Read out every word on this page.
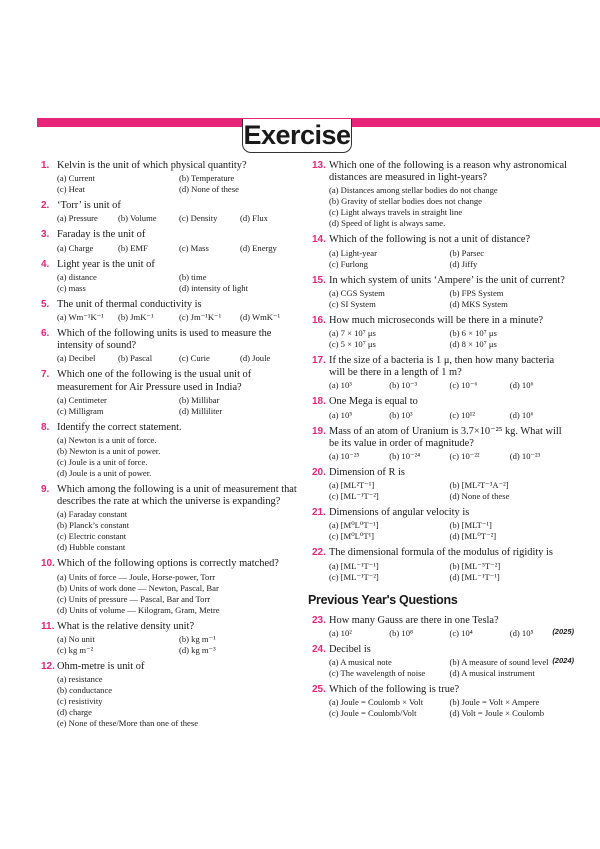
Exercise
1. Kelvin is the unit of which physical quantity?
(a) Current	(b) Temperature
(c) Heat	(d) None of these
2. ‘Torr’ is unit of
(a) Pressure	(b) Volume	(c) Density	(d) Flux
3. Faraday is the unit of
(a) Charge	(b) EMF	(c) Mass	(d) Energy
4. Light year is the unit of
(a) distance	(b) time
(c) mass	(d) intensity of light
5. The unit of thermal conductivity is
(a) Wm⁻¹K⁻¹	(b) JmK⁻¹	(c) Jm⁻¹K⁻¹	(d) WmK⁻¹
6. Which of the following units is used to measure the intensity of sound?
(a) Decibel	(b) Pascal	(c) Curie	(d) Joule
7. Which one of the following is the usual unit of measurement for Air Pressure used in India?
(a) Centimeter	(b) Millibar
(c) Milligram	(d) Milliliter
8. Identify the correct statement.
(a) Newton is a unit of force.
(b) Newton is a unit of power.
(c) Joule is a unit of force.
(d) Joule is a unit of power.
9. Which among the following is a unit of measurement that describes the rate at which the universe is expanding?
(a) Faraday constant
(b) Planck’s constant
(c) Electric constant
(d) Hubble constant
10. Which of the following options is correctly matched?
(a) Units of force — Joule, Horse-power, Torr
(b) Units of work done — Newton, Pascal, Bar
(c) Units of pressure — Pascal, Bar and Torr
(d) Units of volume — Kilogram, Gram, Metre
11. What is the relative density unit?
(a) No unit	(b) kg m⁻¹
(c) kg m⁻²	(d) kg m⁻³
12. Ohm-metre is unit of
(a) resistance
(b) conductance
(c) resistivity
(d) charge
(e) None of these/More than one of these
13. Which one of the following is a reason why astronomical distances are measured in light-years?
(a) Distances among stellar bodies do not change
(b) Gravity of stellar bodies does not change
(c) Light always travels in straight line
(d) Speed of light is always same.
14. Which of the following is not a unit of distance?
(a) Light-year	(b) Parsec
(c) Furlong	(d) Jiffy
15. In which system of units ‘Ampere’ is the unit of current?
(a) CGS System	(b) FPS System
(c) SI System	(d) MKS System
16. How much microseconds will be there in a minute?
(a) 7 × 10⁷ μs	(b) 6 × 10⁷ μs
(c) 5 × 10⁷ μs	(d) 8 × 10⁷ μs
17. If the size of a bacteria is 1 μ, then how many bacteria will be there in a length of 1 m?
(a) 10³	(b) 10⁻³	(c) 10⁻⁶	(d) 10⁶
18. One Mega is equal to
(a) 10⁵	(b) 10³	(c) 10¹²	(d) 10⁶
19. Mass of an atom of Uranium is 3.7×10⁻²⁵ kg. What will be its value in order of magnitude?
(a) 10⁻²⁵	(b) 10⁻²⁴	(c) 10⁻²²	(d) 10⁻²³
20. Dimension of R is
(a) [ML²T⁻¹]	(b) [ML²T⁻³A⁻²]
(c) [ML⁻¹T⁻²]	(d) None of these
21. Dimensions of angular velocity is
(a) [M⁰L⁰T⁻¹]	(b) [MLT⁻¹]
(c) [M⁰L⁰T¹]	(d) [ML⁰T⁻²]
22. The dimensional formula of the modulus of rigidity is
(a) [ML⁻¹T⁻¹]	(b) [ML⁻⁵T⁻²]
(c) [ML⁻¹T⁻²]	(d) [ML⁻¹T⁻¹]
Previous Year's Questions
23. How many Gauss are there in one Tesla?
(a) 10²	(b) 10⁸	(c) 10⁴	(d) 10⁵	(2025)
24. Decibel is
(a) A musical note	(b) A measure of sound level
(c) The wavelength of noise	(d) A musical instrument
(2024)
25. Which of the following is true?
(a) Joule = Coulomb × Volt	(b) Joule = Volt × Ampere
(c) Joule = Coulomb/Volt	(d) Volt = Joule × Coulomb
